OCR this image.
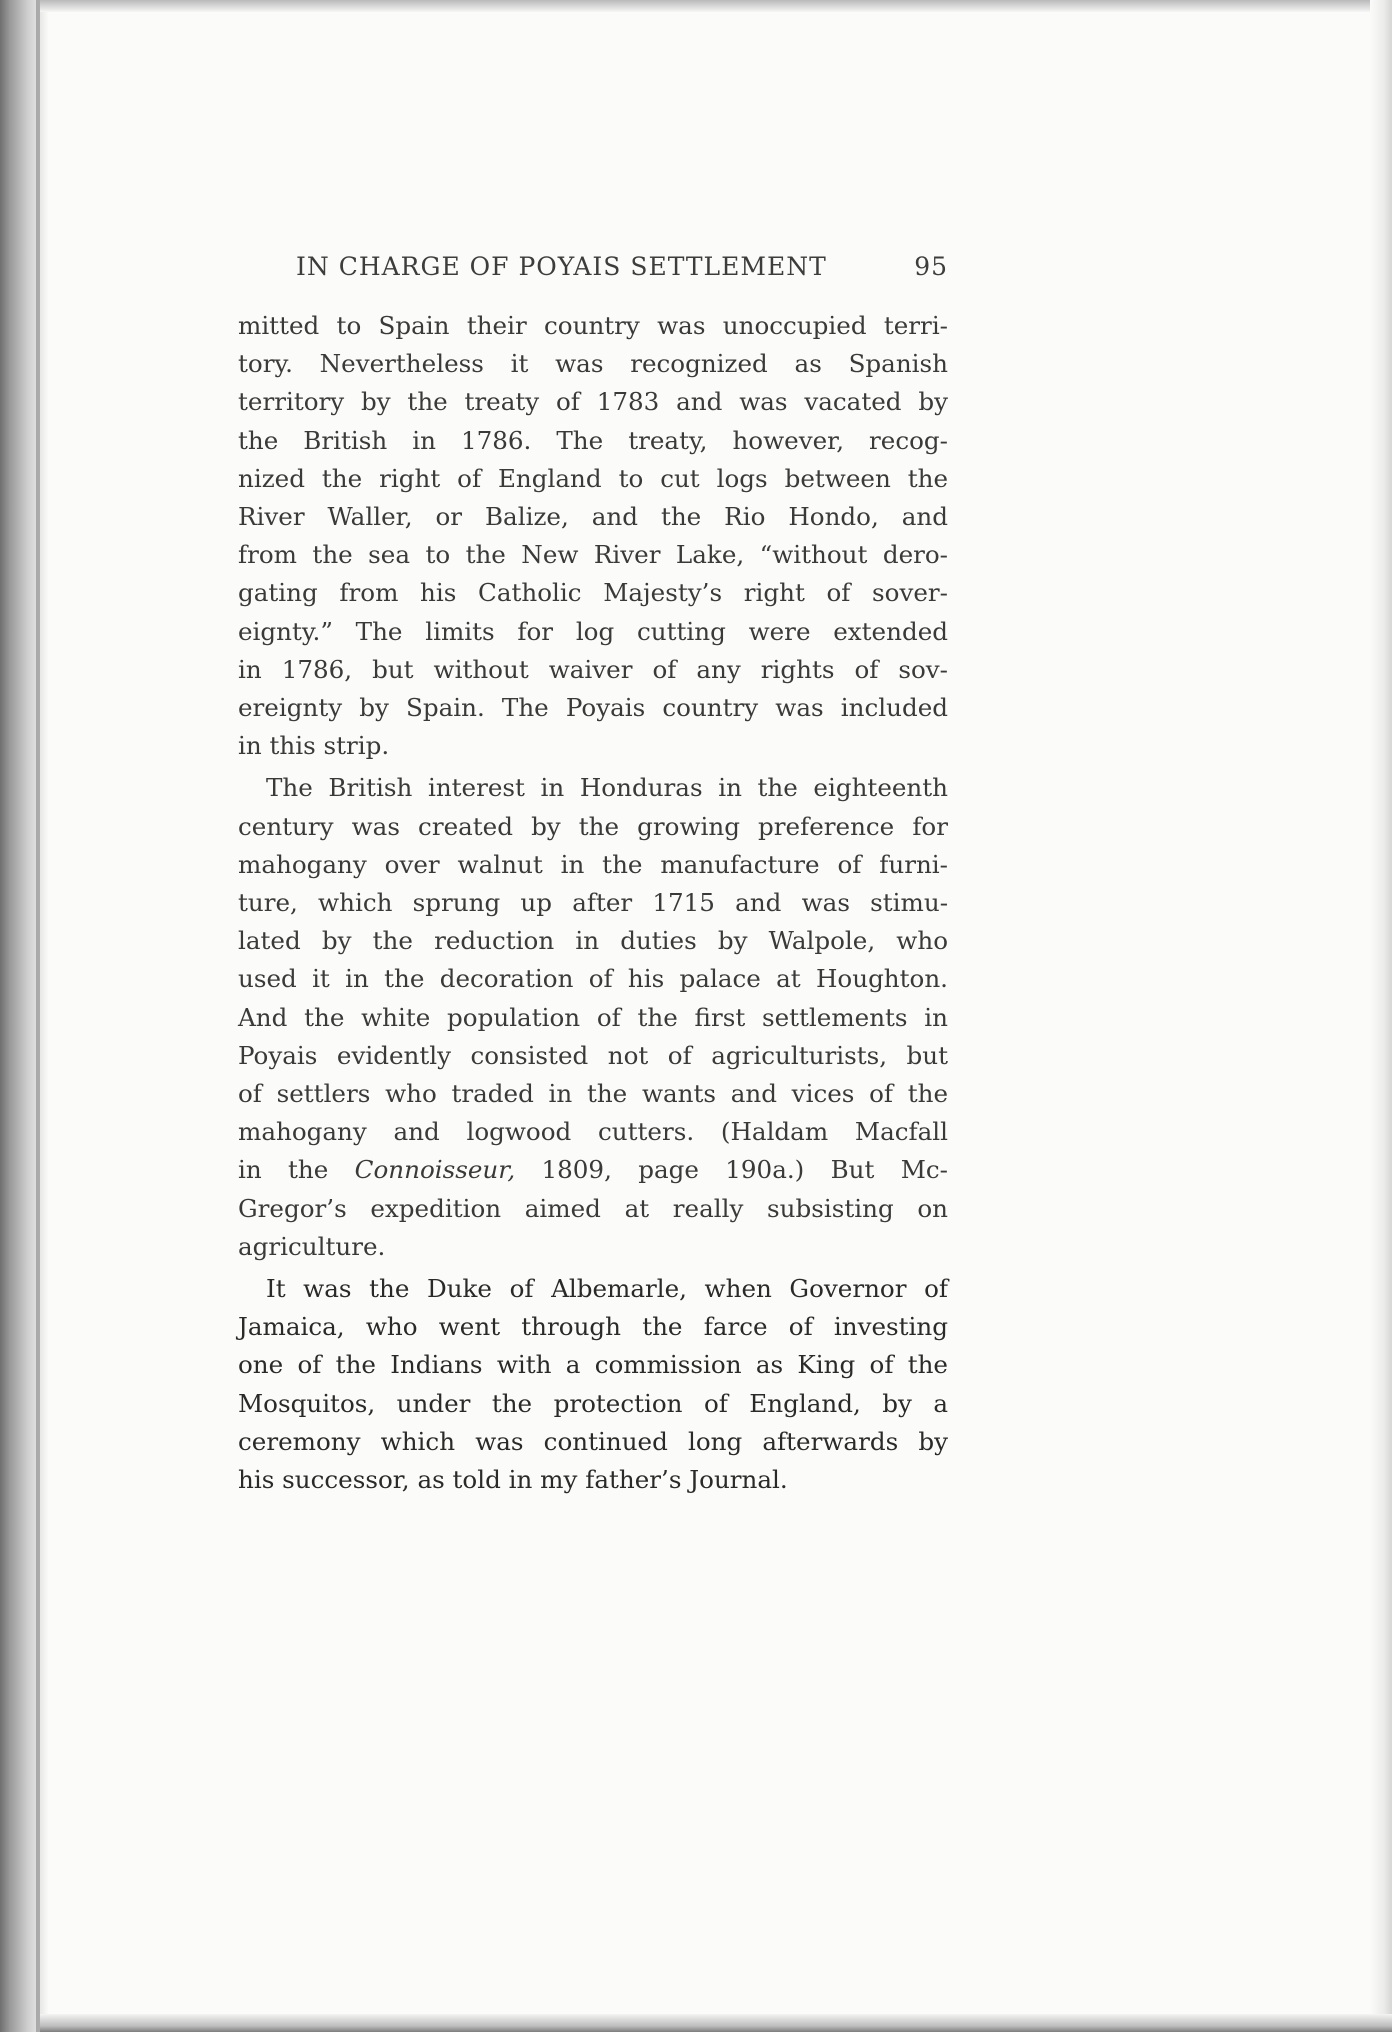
IN CHARGE OF POYAIS SETTLEMENT	95

mitted to Spain their country was unoccupied terri-
tory. Nevertheless it was recognized as Spanish
territory by the treaty of 1783 and was vacated by
the British in 1786. The treaty, however, recog-
nized the right of England to cut logs between the
River Waller, or Balize, and the Rio Hondo, and
from the sea to the New River Lake, “without dero-
gating from his Catholic Majesty’s right of sover-
eignty.” The limits for log cutting were extended
in 1786, but without waiver of any rights of sov-
ereignty by Spain. The Poyais country was included
in this strip.

The British interest in Honduras in the eighteenth
century was created by the growing preference for
mahogany over walnut in the manufacture of furni-
ture, which sprung up after 1715 and was stimu-
lated by the reduction in duties by Walpole, who
used it in the decoration of his palace at Houghton.
And the white population of the first settlements in
Poyais evidently consisted not of agriculturists, but
of settlers who traded in the wants and vices of the
mahogany and logwood cutters. (Haldam Macfall
in the Connoisseur, 1809, page 190a.) But Mc-
Gregor’s expedition aimed at really subsisting on
agriculture.

It was the Duke of Albemarle, when Governor of
Jamaica, who went through the farce of investing
one of the Indians with a commission as King of the
Mosquitos, under the protection of England, by a
ceremony which was continued long afterwards by
his successor, as told in my father’s Journal.
